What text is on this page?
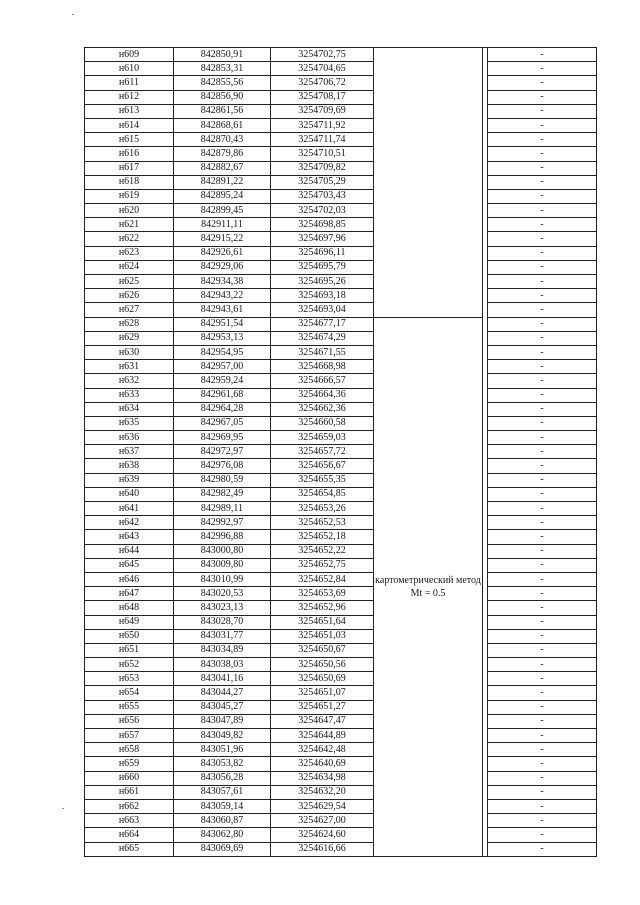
н609	842850,91	3254702,75			-
н610	842853,31	3254704,65			-
н611	842855,56	3254706,72			-
н612	842856,90	3254708,17			-
н613	842861,56	3254709,69			-
н614	842868,61	3254711,92			-
н615	842870,43	3254711,74			-
н616	842879,86	3254710,51			-
н617	842882,67	3254709,82			-
н618	842891,22	3254705,29			-
н619	842895,24	3254703,43			-
н620	842899,45	3254702,03			-
н621	842911,11	3254698,85			-
н622	842915,22	3254697,96			-
н623	842926,61	3254696,11			-
н624	842929,06	3254695,79			-
н625	842934,38	3254695,26			-
н626	842943,22	3254693,18			-
н627	842943,61	3254693,04			-
н628	842951,54	3254677,17	картометрический метод Mt = 0.5		-
н629	842953,13	3254674,29			-
н630	842954,95	3254671,55			-
н631	842957,00	3254668,98			-
н632	842959,24	3254666,57			-
н633	842961,68	3254664,36			-
н634	842964,28	3254662,36			-
н635	842967,05	3254660,58			-
н636	842969,95	3254659,03			-
н637	842972,97	3254657,72			-
н638	842976,08	3254656,67			-
н639	842980,59	3254655,35			-
н640	842982,49	3254654,85			-
н641	842989,11	3254653,26			-
н642	842992,97	3254652,53			-
н643	842996,88	3254652,18			-
н644	843000,80	3254652,22			-
н645	843009,80	3254652,75			-
н646	843010,99	3254652,84			-
н647	843020,53	3254653,69			-
н648	843023,13	3254652,96			-
н649	843028,70	3254651,64			-
н650	843031,77	3254651,03			-
н651	843034,89	3254650,67			-
н652	843038,03	3254650,56			-
н653	843041,16	3254650,69			-
н654	843044,27	3254651,07			-
н655	843045,27	3254651,27			-
н656	843047,89	3254647,47			-
н657	843049,82	3254644,89			-
н658	843051,96	3254642,48			-
н659	843053,82	3254640,69			-
н660	843056,28	3254634,98			-
н661	843057,61	3254632,20			-
н662	843059,14	3254629,54			-
н663	843060,87	3254627,00			-
н664	843062,80	3254624,60			-
н665	843069,69	3254616,66			-
